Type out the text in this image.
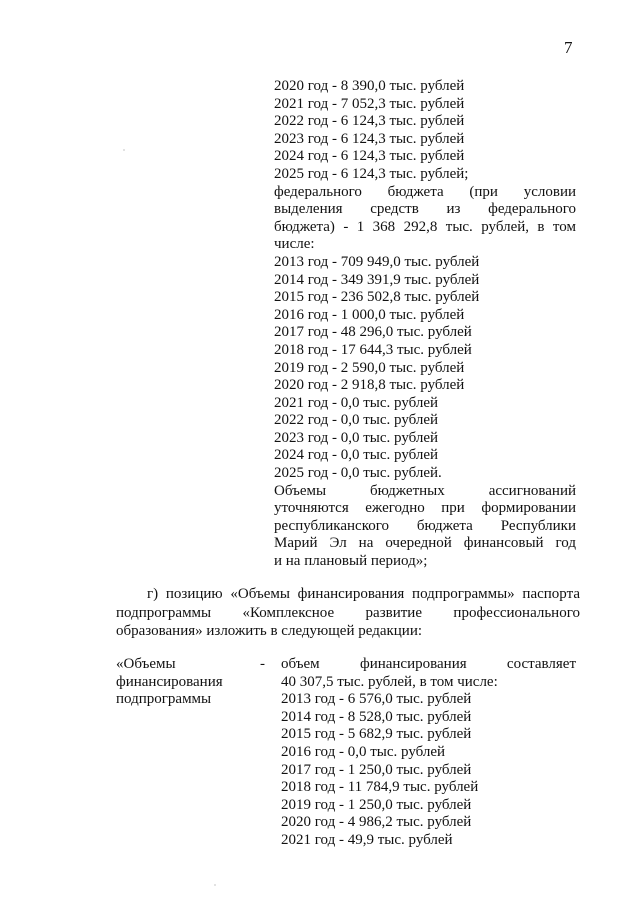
7
2020 год - 8 390,0 тыс. рублей
2021 год - 7 052,3 тыс. рублей
2022 год - 6 124,3 тыс. рублей
2023 год - 6 124,3 тыс. рублей
2024 год - 6 124,3 тыс. рублей
2025 год - 6 124,3 тыс. рублей;
федерального бюджета (при условии
выделения средств из федерального
бюджета) - 1 368 292,8 тыс. рублей, в том
числе:
2013 год - 709 949,0 тыс. рублей
2014 год - 349 391,9 тыс. рублей
2015 год - 236 502,8 тыс. рублей
2016 год - 1 000,0 тыс. рублей
2017 год - 48 296,0 тыс. рублей
2018 год - 17 644,3 тыс. рублей
2019 год - 2 590,0 тыс. рублей
2020 год - 2 918,8 тыс. рублей
2021 год - 0,0 тыс. рублей
2022 год - 0,0 тыс. рублей
2023 год - 0,0 тыс. рублей
2024 год - 0,0 тыс. рублей
2025 год - 0,0 тыс. рублей.
Объемы бюджетных ассигнований
уточняются ежегодно при формировании
республиканского бюджета Республики
Марий Эл на очередной финансовый год
и на плановый период»;
г) позицию «Объемы финансирования подпрограммы» паспорта
подпрограммы «Комплексное развитие профессионального
образования» изложить в следующей редакции:
«Объемы
финансирования
подпрограммы
- объем финансирования составляет
40 307,5 тыс. рублей, в том числе:
2013 год - 6 576,0 тыс. рублей
2014 год - 8 528,0 тыс. рублей
2015 год - 5 682,9 тыс. рублей
2016 год - 0,0 тыс. рублей
2017 год - 1 250,0 тыс. рублей
2018 год - 11 784,9 тыс. рублей
2019 год - 1 250,0 тыс. рублей
2020 год - 4 986,2 тыс. рублей
2021 год - 49,9 тыс. рублей
